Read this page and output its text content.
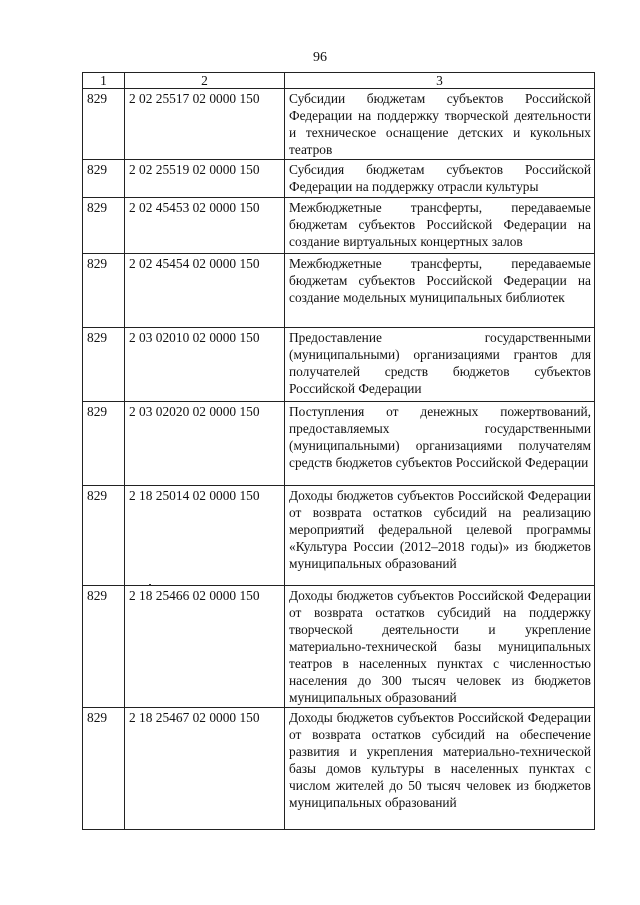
96
1	2	3
829	2 02 25517 02 0000 150	Субсидии бюджетам субъектов Российской Федерации на поддержку творческой деятельности и техническое оснащение детских и кукольных театров
829	2 02 25519 02 0000 150	Субсидия бюджетам субъектов Российской Федерации на поддержку отрасли культуры
829	2 02 45453 02 0000 150	Межбюджетные трансферты, передаваемые бюджетам субъектов Российской Федерации на создание виртуальных концертных залов
829	2 02 45454 02 0000 150	Межбюджетные трансферты, передаваемые бюджетам субъектов Российской Федерации на создание модельных муниципальных библиотек
829	2 03 02010 02 0000 150	Предоставление государственными (муниципальными) организациями грантов для получателей средств бюджетов субъектов Российской Федерации
829	2 03 02020 02 0000 150	Поступления от денежных пожертвований, предоставляемых государственными (муниципальными) организациями получателям средств бюджетов субъектов Российской Федерации
829	2 18 25014 02 0000 150	Доходы бюджетов субъектов Российской Федерации от возврата остатков субсидий на реализацию мероприятий федеральной целевой программы «Культура России (2012–2018 годы)» из бюджетов муниципальных образований
829	2 18 25466 02 0000 150	Доходы бюджетов субъектов Российской Федерации от возврата остатков субсидий на поддержку творческой деятельности и укрепление материально-технической базы муниципальных театров в населенных пунктах с численностью населения до 300 тысяч человек из бюджетов муниципальных образований
829	2 18 25467 02 0000 150	Доходы бюджетов субъектов Российской Федерации от возврата остатков субсидий на обеспечение развития и укрепления материально-технической базы домов культуры в населенных пунктах с числом жителей до 50 тысяч человек из бюджетов муниципальных образований
